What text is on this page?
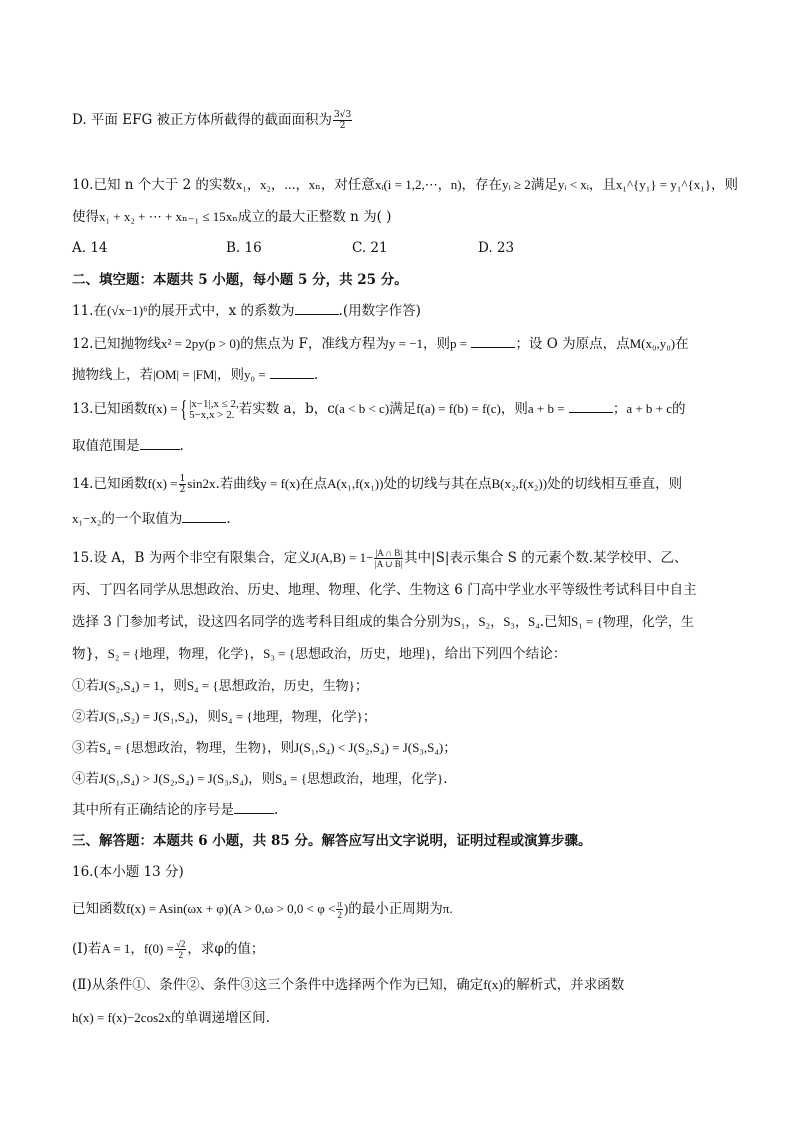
D. 平面 EFG 被正方体所截得的截面面积为 $\frac{3√3}{2}$
10.已知 n 个大于 2 的实数x₁，x₂，⋯，xₙ，对任意xᵢ(i = 1,2,⋯，n)，存在yᵢ ≥ 2满足yᵢ < xᵢ，且x₁^{y₁} = y₁^{x₁}，则
使得x₁ + x₂ + ⋯ + xₙ₋₁ ≤ 15xₙ成立的最大正整数 n 为( )
A. 14	B. 16	C. 21	D. 23
二、填空题：本题共 5 小题，每小题 5 分，共 25 分。
11.在(√x−1)⁶的展开式中，x 的系数为	.(用数字作答)
12.已知抛物线x² = 2py(p > 0)的焦点为 F，准线方程为y = −1，则p =	；设 O 为原点，点M(x₀,y₀)在
抛物线上，若|OM| = |FM|，则y₀ =	.
13.已知函数f(x) ={ |x−1|,x ≤ 2,
5−x,x > 2. 若实数 a，b，c(a < b < c)满足f(a) = f(b) = f(c)，则a + b =	；a + b + c的
取值范围是	.
14.已知函数$f(x) = \frac{1}{2} \sin 2x$.若曲线y = f(x)在点A(x₁,f(x₁))处的切线与其在点B(x₂,f(x₂))处的切线相互垂直，则
x₁−x₂的一个取值为	.
15.设 A，B 为两个非空有限集合，定义$J(A,B) = 1- \frac{|A \cap B|}{|A \cup B|}$ 其中|S|表示集合 S 的元素个数.某学校甲、乙、
丙、丁四名同学从思想政治、历史、地理、物理、化学、生物这 6 门高中学业水平等级性考试科目中自主
选择 3 门参加考试，设这四名同学的选考科目组成的集合分别为S₁，S₂，S₃，S₄.已知S₁ = {物理，化学，生
物}，S₂ = {地理，物理，化学}，S₃ = {思想政治，历史，地理}，给出下列四个结论：
①若J(S₂,S₄) = 1，则S₄ = {思想政治，历史，生物}；
②若J(S₁,S₂) = J(S₁,S₄)，则S₄ = {地理，物理，化学}；
③若S₄ = {思想政治，物理，生物}，则J(S₁,S₄) < J(S₂,S₄) = J(S₃,S₄)；
④若J(S₁,S₄) > J(S₂,S₄) = J(S₃,S₄)，则S₄ = {思想政治，地理，化学}.
其中所有正确结论的序号是	.
三、解答题：本题共 6 小题，共 85 分。解答应写出文字说明，证明过程或演算步骤。
16.(本小题 13 分)
已知函数$f(x) = Asin(\omega x + \varphi)(A > 0,\omega > 0,0 < \varphi < \frac{\pi}{2}$ )的最小正周期为π.
(Ⅰ)若A = 1，$f(0) = \frac{√2}{2}$ ，求φ的值；
(Ⅱ)从条件①、条件②、条件③这三个条件中选择两个作为已知，确定f(x)的解析式，并求函数
h(x) = f(x)−2cos2x的单调递增区间.
